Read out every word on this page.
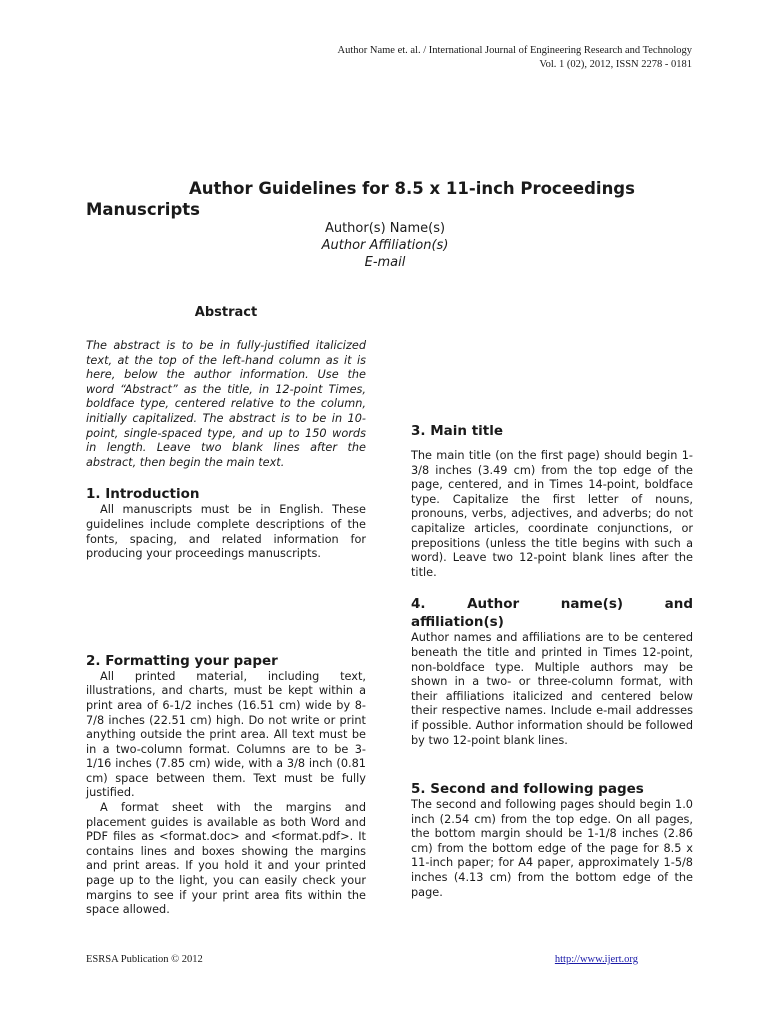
Author Name et. al. / International Journal of Engineering Research and Technology
Vol. 1 (02), 2012, ISSN 2278 - 0181
Author Guidelines for 8.5 x 11-inch Proceedings Manuscripts
Author(s) Name(s)
Author Affiliation(s)
E-mail
Abstract

The abstract is to be in fully-justified italicized text, at the top of the left-hand column as it is here, below the author information. Use the word “Abstract” as the title, in 12-point Times, boldface type, centered relative to the column, initially capitalized. The abstract is to be in 10-point, single-spaced type, and up to 150 words in length. Leave two blank lines after the abstract, then begin the main text.

1. Introduction

All manuscripts must be in English. These guidelines include complete descriptions of the fonts, spacing, and related information for producing your proceedings manuscripts.

2. Formatting your paper

All printed material, including text, illustrations, and charts, must be kept within a print area of 6-1/2 inches (16.51 cm) wide by 8-7/8 inches (22.51 cm) high. Do not write or print anything outside the print area. All text must be in a two-column format. Columns are to be 3-1/16 inches (7.85 cm) wide, with a 3/8 inch (0.81 cm) space between them. Text must be fully justified.

A format sheet with the margins and placement guides is available as both Word and PDF files as <format.doc> and <format.pdf>. It contains lines and boxes showing the margins and print areas. If you hold it and your printed page up to the light, you can easily check your margins to see if your print area fits within the space allowed.

3. Main title

The main title (on the first page) should begin 1-3/8 inches (3.49 cm) from the top edge of the page, centered, and in Times 14-point, boldface type. Capitalize the first letter of nouns, pronouns, verbs, adjectives, and adverbs; do not capitalize articles, coordinate conjunctions, or prepositions (unless the title begins with such a word). Leave two 12-point blank lines after the title.

4. Author name(s) and
affiliation(s)

Author names and affiliations are to be centered beneath the title and printed in Times 12-point, non-boldface type. Multiple authors may be shown in a two- or three-column format, with their affiliations italicized and centered below their respective names. Include e-mail addresses if possible. Author information should be followed by two 12-point blank lines.

5. Second and following pages

The second and following pages should begin 1.0 inch (2.54 cm) from the top edge. On all pages, the bottom margin should be 1-1/8 inches (2.86 cm) from the bottom edge of the page for 8.5 x 11-inch paper; for A4 paper, approximately 1-5/8 inches (4.13 cm) from the bottom edge of the page.

ESRSA Publication © 2012	http://www.ijert.org
